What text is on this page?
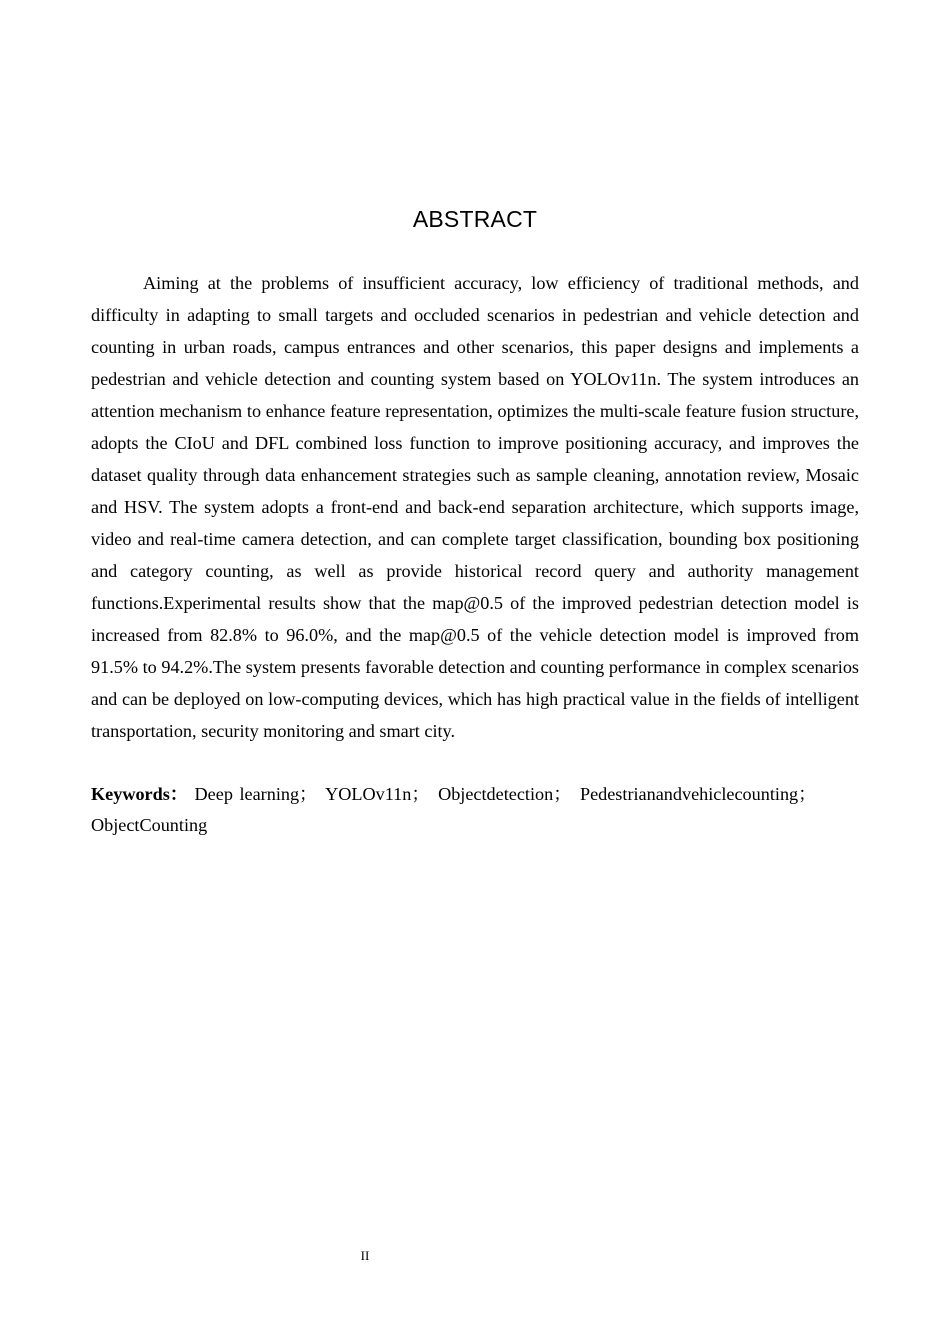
ABSTRACT

Aiming at the problems of insufficient accuracy, low efficiency of traditional methods, and difficulty in adapting to small targets and occluded scenarios in pedestrian and vehicle detection and counting in urban roads, campus entrances and other scenarios, this paper designs and implements a pedestrian and vehicle detection and counting system based on YOLOv11n. The system introduces an attention mechanism to enhance feature representation, optimizes the multi-scale feature fusion structure, adopts the CIoU and DFL combined loss function to improve positioning accuracy, and improves the dataset quality through data enhancement strategies such as sample cleaning, annotation review, Mosaic and HSV. The system adopts a front-end and back-end separation architecture, which supports image, video and real-time camera detection, and can complete target classification, bounding box positioning and category counting, as well as provide historical record query and authority management functions.Experimental results show that the map@0.5 of the improved pedestrian detection model is increased from 82.8% to 96.0%, and the map@0.5 of the vehicle detection model is improved from 91.5% to 94.2%.The system presents favorable detection and counting performance in complex scenarios and can be deployed on low-computing devices, which has high practical value in the fields of intelligent transportation, security monitoring and smart city.

Keywords： Deep learning； YOLOv11n； Objectdetection； Pedestrianandvehiclecounting； ObjectCounting

II
